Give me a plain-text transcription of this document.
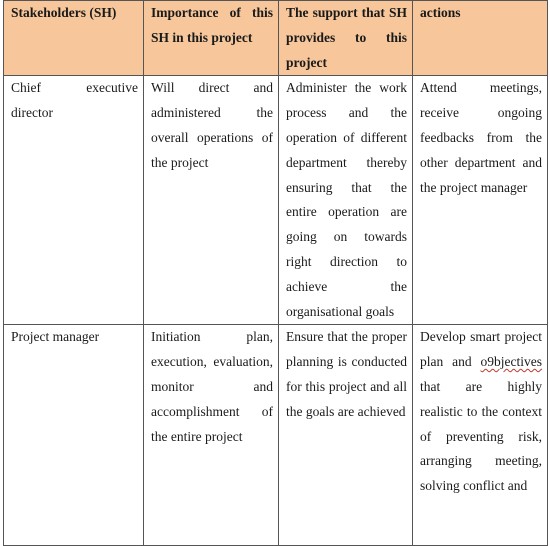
Stakeholders (SH)	Importance of this SH in this project	The support that SH provides to this project	actions
Chief executive director	Will direct and administered the overall operations of the project	Administer the work process and the operation of different department thereby ensuring that the entire operation are going on towards right direction to achieve the organisational goals	Attend meetings, receive ongoing feedbacks from the other department and the project manager
Project manager	Initiation plan, execution, evaluation, monitor and accomplishment of the entire project	Ensure that the proper planning is conducted for this project and all the goals are achieved	Develop smart project plan and o9bjectives that are highly realistic to the context of preventing risk, arranging meeting, solving conflict and
